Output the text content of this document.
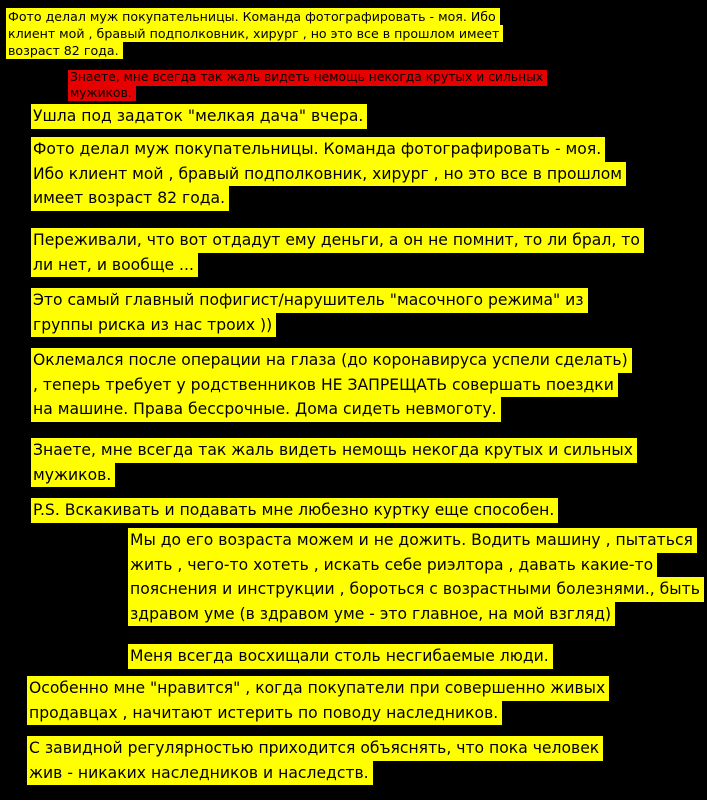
Фото делал муж покупательницы. Команда фотографировать - моя. Ибо
клиент мой , бравый подполковник, хирург , но это все в прошлом имеет
возраст 82 года.
Знаете, мне всегда так жаль видеть немощь некогда крутых и сильных
мужиков.
Ушла под задаток "мелкая дача" вчера.
Фото делал муж покупательницы. Команда фотографировать - моя.
Ибо клиент мой , бравый подполковник, хирург , но это все в прошлом
имеет возраст 82 года.
Переживали, что вот отдадут ему деньги, а он не помнит, то ли брал, то
ли нет, и вообще ...
Это самый главный пофигист/нарушитель "масочного режима" из
группы риска из нас троих ))
Оклемался после операции на глаза (до коронавируса успели сделать)
, теперь требует у родственников НЕ ЗАПРЕЩАТЬ совершать поездки
на машине. Права бессрочные. Дома сидеть невмоготу.
Знаете, мне всегда так жаль видеть немощь некогда крутых и сильных
мужиков.
P.S. Вскакивать и подавать мне любезно куртку еще способен.
Мы до его возраста можем и не дожить. Водить машину , пытаться
жить , чего-то хотеть , искать себе риэлтора , давать какие-то
пояснения и инструкции , бороться с возрастными болезнями., быть
здравом уме (в здравом уме - это главное, на мой взгляд)
Меня всегда восхищали столь несгибаемые люди.
Особенно мне "нравится" , когда покупатели при совершенно живых
продавцах , начитают истерить по поводу наследников.
С завидной регулярностью приходится объяснять, что пока человек
жив - никаких наследников и наследств.
